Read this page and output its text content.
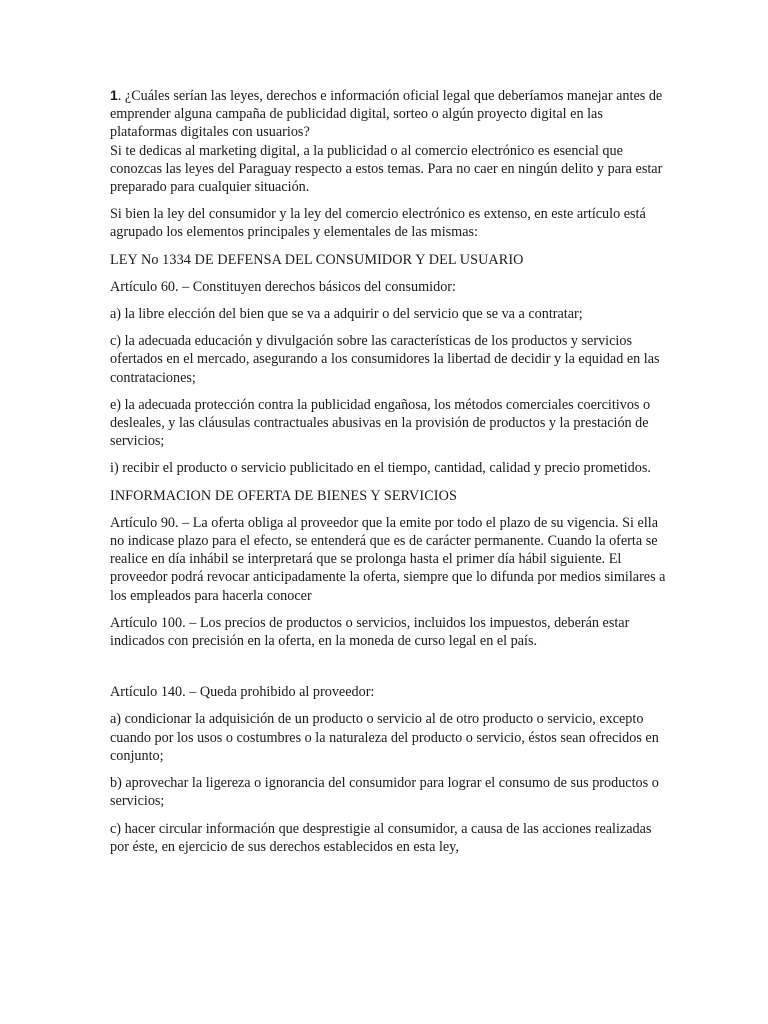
1. ¿Cuáles serían las leyes, derechos e información oficial legal que deberíamos manejar antes de emprender alguna campaña de publicidad digital, sorteo o algún proyecto digital en las plataformas digitales con usuarios?

Si te dedicas al marketing digital, a la publicidad o al comercio electrónico es esencial que conozcas las leyes del Paraguay respecto a estos temas. Para no caer en ningún delito y para estar preparado para cualquier situación.

Si bien la ley del consumidor y la ley del comercio electrónico es extenso, en este artículo está agrupado los elementos principales y elementales de las mismas:

LEY No 1334 DE DEFENSA DEL CONSUMIDOR Y DEL USUARIO

Artículo 60. – Constituyen derechos básicos del consumidor:

a) la libre elección del bien que se va a adquirir o del servicio que se va a contratar;

c) la adecuada educación y divulgación sobre las características de los productos y servicios ofertados en el mercado, asegurando a los consumidores la libertad de decidir y la equidad en las contrataciones;

e) la adecuada protección contra la publicidad engañosa, los métodos comerciales coercitivos o desleales, y las cláusulas contractuales abusivas en la provisión de productos y la prestación de servicios;

i) recibir el producto o servicio publicitado en el tiempo, cantidad, calidad y precio prometidos.

INFORMACION DE OFERTA DE BIENES Y SERVICIOS

Artículo 90. – La oferta obliga al proveedor que la emite por todo el plazo de su vigencia. Si ella no indicase plazo para el efecto, se entenderá que es de carácter permanente. Cuando la oferta se realice en día inhábil se interpretará que se prolonga hasta el primer día hábil siguiente. El proveedor podrá revocar anticipadamente la oferta, siempre que lo difunda por medios similares a los empleados para hacerla conocer

Artículo 100. – Los precios de productos o servicios, incluidos los impuestos, deberán estar indicados con precisión en la oferta, en la moneda de curso legal en el país.

Artículo 140. – Queda prohibido al proveedor:

a) condicionar la adquisición de un producto o servicio al de otro producto o servicio, excepto cuando por los usos o costumbres o la naturaleza del producto o servicio, éstos sean ofrecidos en conjunto;

b) aprovechar la ligereza o ignorancia del consumidor para lograr el consumo de sus productos o servicios;

c) hacer circular información que desprestigie al consumidor, a causa de las acciones realizadas por éste, en ejercicio de sus derechos establecidos en esta ley,
